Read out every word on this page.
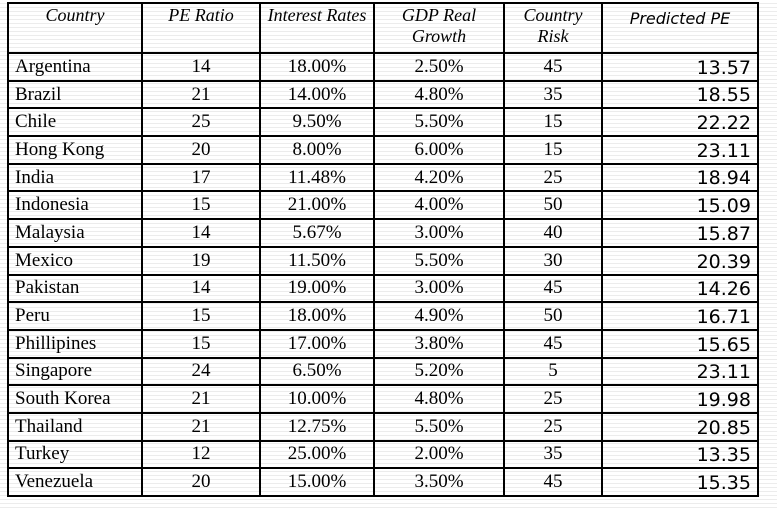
Country	PE Ratio	Interest Rates	GDP Real Growth	Country Risk	Predicted PE
Argentina	14	18.00%	2.50%	45	13.57
Brazil	21	14.00%	4.80%	35	18.55
Chile	25	9.50%	5.50%	15	22.22
Hong Kong	20	8.00%	6.00%	15	23.11
India	17	11.48%	4.20%	25	18.94
Indonesia	15	21.00%	4.00%	50	15.09
Malaysia	14	5.67%	3.00%	40	15.87
Mexico	19	11.50%	5.50%	30	20.39
Pakistan	14	19.00%	3.00%	45	14.26
Peru	15	18.00%	4.90%	50	16.71
Phillipines	15	17.00%	3.80%	45	15.65
Singapore	24	6.50%	5.20%	5	23.11
South Korea	21	10.00%	4.80%	25	19.98
Thailand	21	12.75%	5.50%	25	20.85
Turkey	12	25.00%	2.00%	35	13.35
Venezuela	20	15.00%	3.50%	45	15.35
